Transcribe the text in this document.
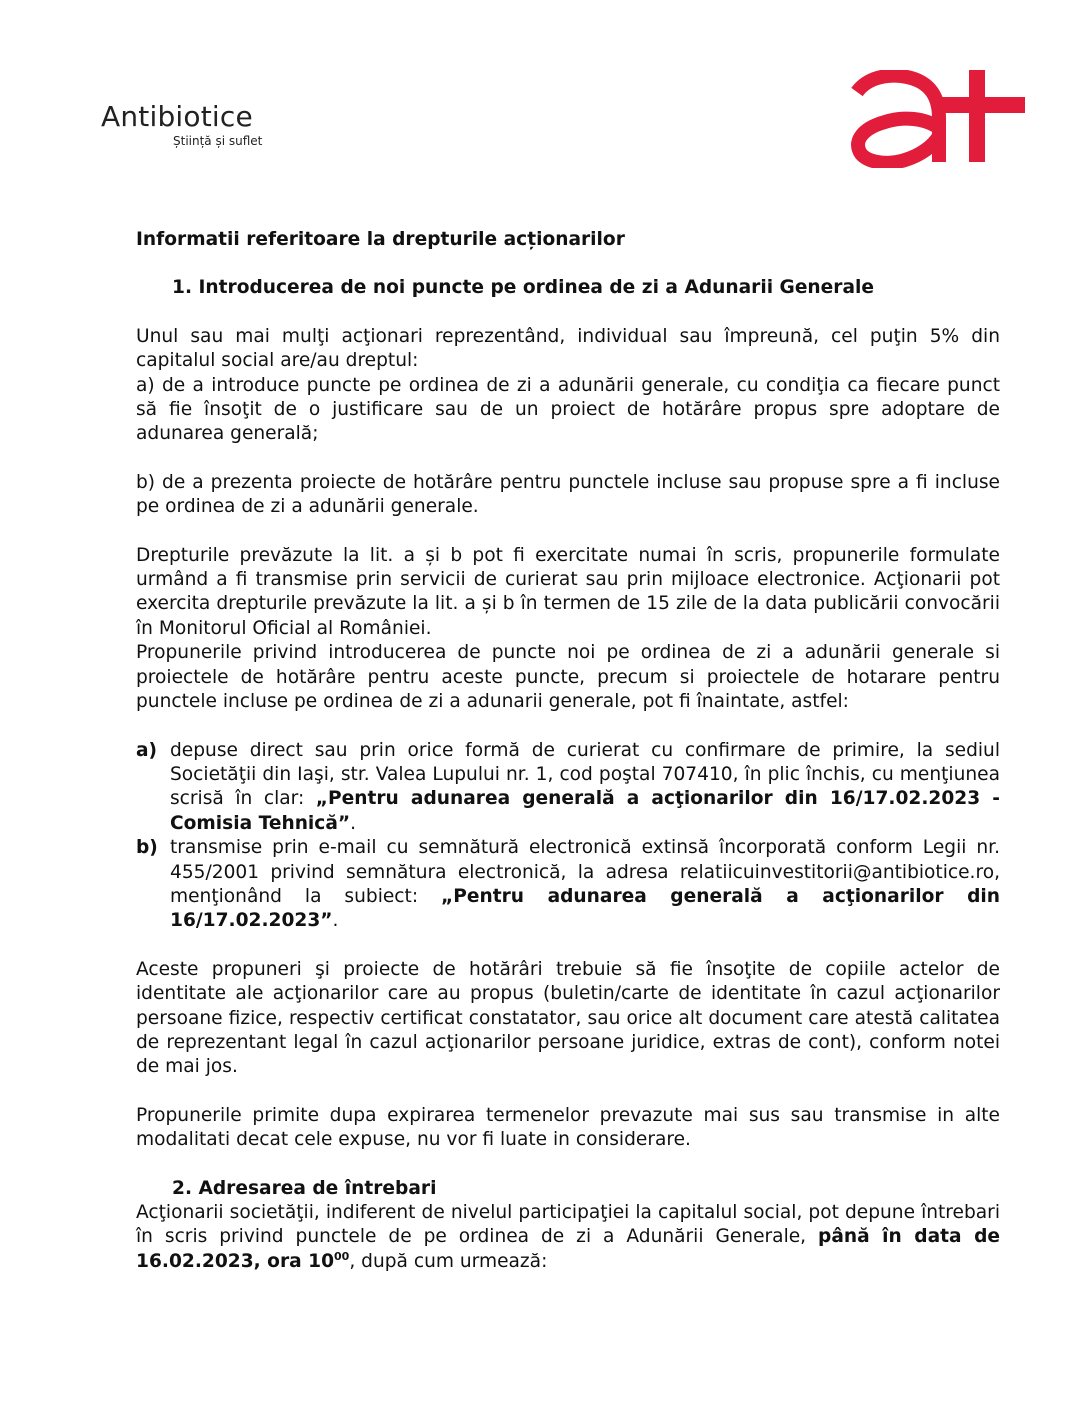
Antibiotice
Știință și suflet

Informatii referitoare la drepturile acționarilor

1. Introducerea de noi puncte pe ordinea de zi a Adunarii Generale

Unul sau mai mulţi acţionari reprezentând, individual sau împreună, cel puţin 5% din capitalul social are/au dreptul:

a) de a introduce puncte pe ordinea de zi a adunării generale, cu condiţia ca fiecare punct să fie însoţit de o justificare sau de un proiect de hotărâre propus spre adoptare de adunarea generală;

b) de a prezenta proiecte de hotărâre pentru punctele incluse sau propuse spre a fi incluse pe ordinea de zi a adunării generale.

Drepturile prevăzute la lit. a și b pot fi exercitate numai în scris, propunerile formulate urmând a fi transmise prin servicii de curierat sau prin mijloace electronice. Acţionarii pot exercita drepturile prevăzute la lit. a și b în termen de 15 zile de la data publicării convocării în Monitorul Oficial al României.

Propunerile privind introducerea de puncte noi pe ordinea de zi a adunării generale si proiectele de hotărâre pentru aceste puncte, precum si proiectele de hotarare pentru punctele incluse pe ordinea de zi a adunarii generale, pot fi înaintate, astfel:

a) depuse direct sau prin orice formă de curierat cu confirmare de primire, la sediul Societăţii din Iaşi, str. Valea Lupului nr. 1, cod poştal 707410, în plic închis, cu menţiunea scrisă în clar: „Pentru adunarea generală a acţionarilor din 16/17.02.2023 - Comisia Tehnică”.
b) transmise prin e-mail cu semnătură electronică extinsă încorporată conform Legii nr. 455/2001 privind semnătura electronică, la adresa relatiicuinvestitorii@antibiotice.ro, menţionând la subiect: „Pentru adunarea generală a acţionarilor din 16/17.02.2023”.

Aceste propuneri şi proiecte de hotărâri trebuie să fie însoţite de copiile actelor de identitate ale acţionarilor care au propus (buletin/carte de identitate în cazul acţionarilor persoane fizice, respectiv certificat constatator, sau orice alt document care atestă calitatea de reprezentant legal în cazul acţionarilor persoane juridice, extras de cont), conform notei de mai jos.

Propunerile primite dupa expirarea termenelor prevazute mai sus sau transmise in alte modalitati decat cele expuse, nu vor fi luate in considerare.

2. Adresarea de întrebari

Acţionarii societăţii, indiferent de nivelul participaţiei la capitalul social, pot depune întrebari în scris privind punctele de pe ordinea de zi a Adunării Generale, până în data de 16.02.2023, ora $10^{00}$, după cum urmează:
